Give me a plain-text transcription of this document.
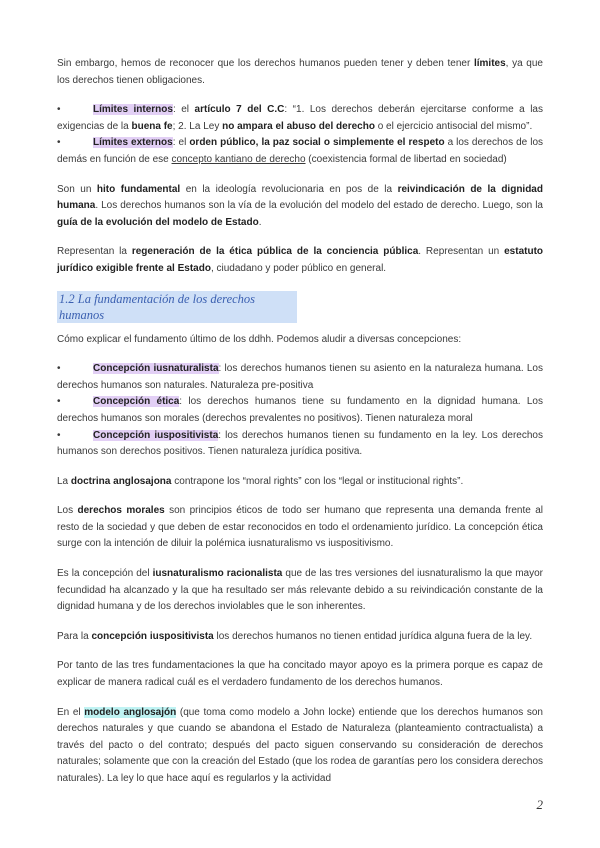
Sin embargo, hemos de reconocer que los derechos humanos pueden tener y deben tener límites, ya que los derechos tienen obligaciones.

•	Límites internos: el artículo 7 del C.C: “1. Los derechos deberán ejercitarse conforme a las exigencias de la buena fe; 2. La Ley no ampara el abuso del derecho o el ejercicio antisocial del mismo”.

•	Límites externos: el orden público, la paz social o simplemente el respeto a los derechos de los demás en función de ese concepto kantiano de derecho (coexistencia formal de libertad en sociedad)

Son un hito fundamental en la ideología revolucionaria en pos de la reivindicación de la dignidad humana. Los derechos humanos son la vía de la evolución del modelo del estado de derecho. Luego, son la guía de la evolución del modelo de Estado.

Representan la regeneración de la ética pública de la conciencia pública. Representan un estatuto jurídico exigible frente al Estado, ciudadano y poder público en general.

1.2 La fundamentación de los derechos humanos

Cómo explicar el fundamento último de los ddhh. Podemos aludir a diversas concepciones:

•	Concepción iusnaturalista: los derechos humanos tienen su asiento en la naturaleza humana. Los derechos humanos son naturales. Naturaleza pre-positiva

•	Concepción ética: los derechos humanos tiene su fundamento en la dignidad humana. Los derechos humanos son morales (derechos prevalentes no positivos). Tienen naturaleza moral

•	Concepción iuspositivista: los derechos humanos tienen su fundamento en la ley. Los derechos humanos son derechos positivos. Tienen naturaleza jurídica positiva.

La doctrina anglosajona contrapone los “moral rights” con los “legal or institucional rights”.

Los derechos morales son principios éticos de todo ser humano que representa una demanda frente al resto de la sociedad y que deben de estar reconocidos en todo el ordenamiento jurídico. La concepción ética surge con la intención de diluir la polémica iusnaturalismo vs iuspositivismo.

Es la concepción del iusnaturalismo racionalista que de las tres versiones del iusnaturalismo la que mayor fecundidad ha alcanzado y la que ha resultado ser más relevante debido a su reivindicación constante de la dignidad humana y de los derechos inviolables que le son inherentes.

Para la concepción iuspositivista los derechos humanos no tienen entidad jurídica alguna fuera de la ley.

Por tanto de las tres fundamentaciones la que ha concitado mayor apoyo es la primera porque es capaz de explicar de manera radical cuál es el verdadero fundamento de los derechos humanos.

En el modelo anglosajón (que toma como modelo a John locke) entiende que los derechos humanos son derechos naturales y que cuando se abandona el Estado de Naturaleza (planteamiento contractualista) a través del pacto o del contrato; después del pacto siguen conservando su consideración de derechos naturales; solamente que con la creación del Estado (que los rodea de garantías pero los considera derechos naturales). La ley lo que hace aquí es regularlos y la actividad

2
